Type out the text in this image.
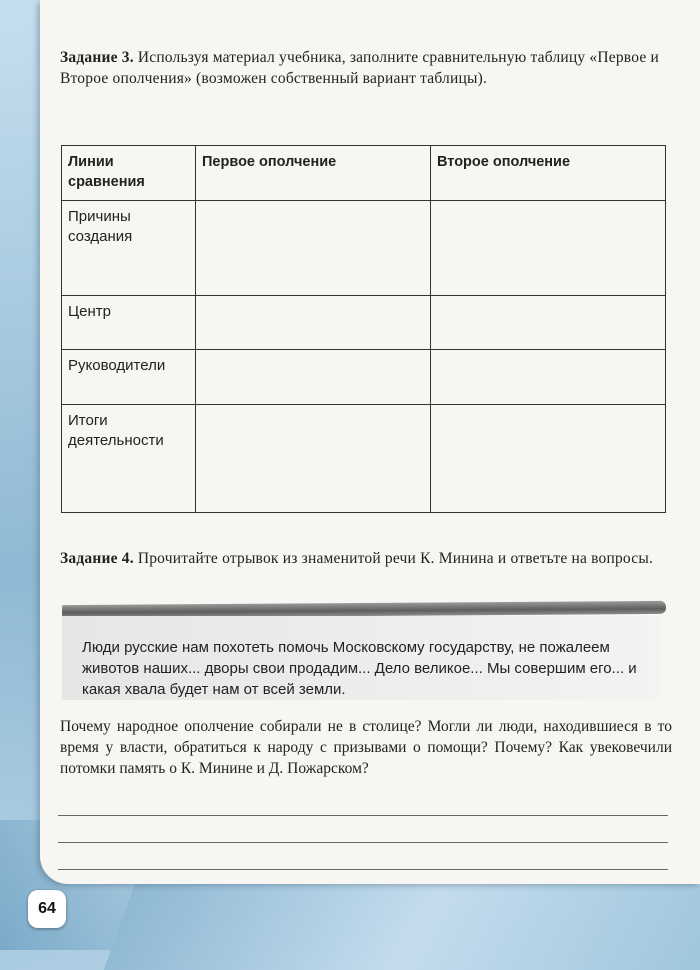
Задание 3. Используя материал учебника, заполните сравнительную таблицу «Первое и Второе ополчения» (возможен собственный вариант таблицы).
Линии сравнения	Первое ополчение	Второе ополчение
Причины создания		
Центр		
Руководители		
Итоги деятельности		
Задание 4. Прочитайте отрывок из знаменитой речи К. Минина и ответьте на вопросы.
Люди русские нам похотеть помочь Московскому государству, не пожалеем животов наших... дворы свои продадим... Дело великое... Мы совершим его... и какая хвала будет нам от всей земли.
Почему народное ополчение собирали не в столице? Могли ли люди, находившиеся в то время у власти, обратиться к народу с призывами о помощи? Почему? Как увековечили потомки память о К. Минине и Д. Пожарском?
64
